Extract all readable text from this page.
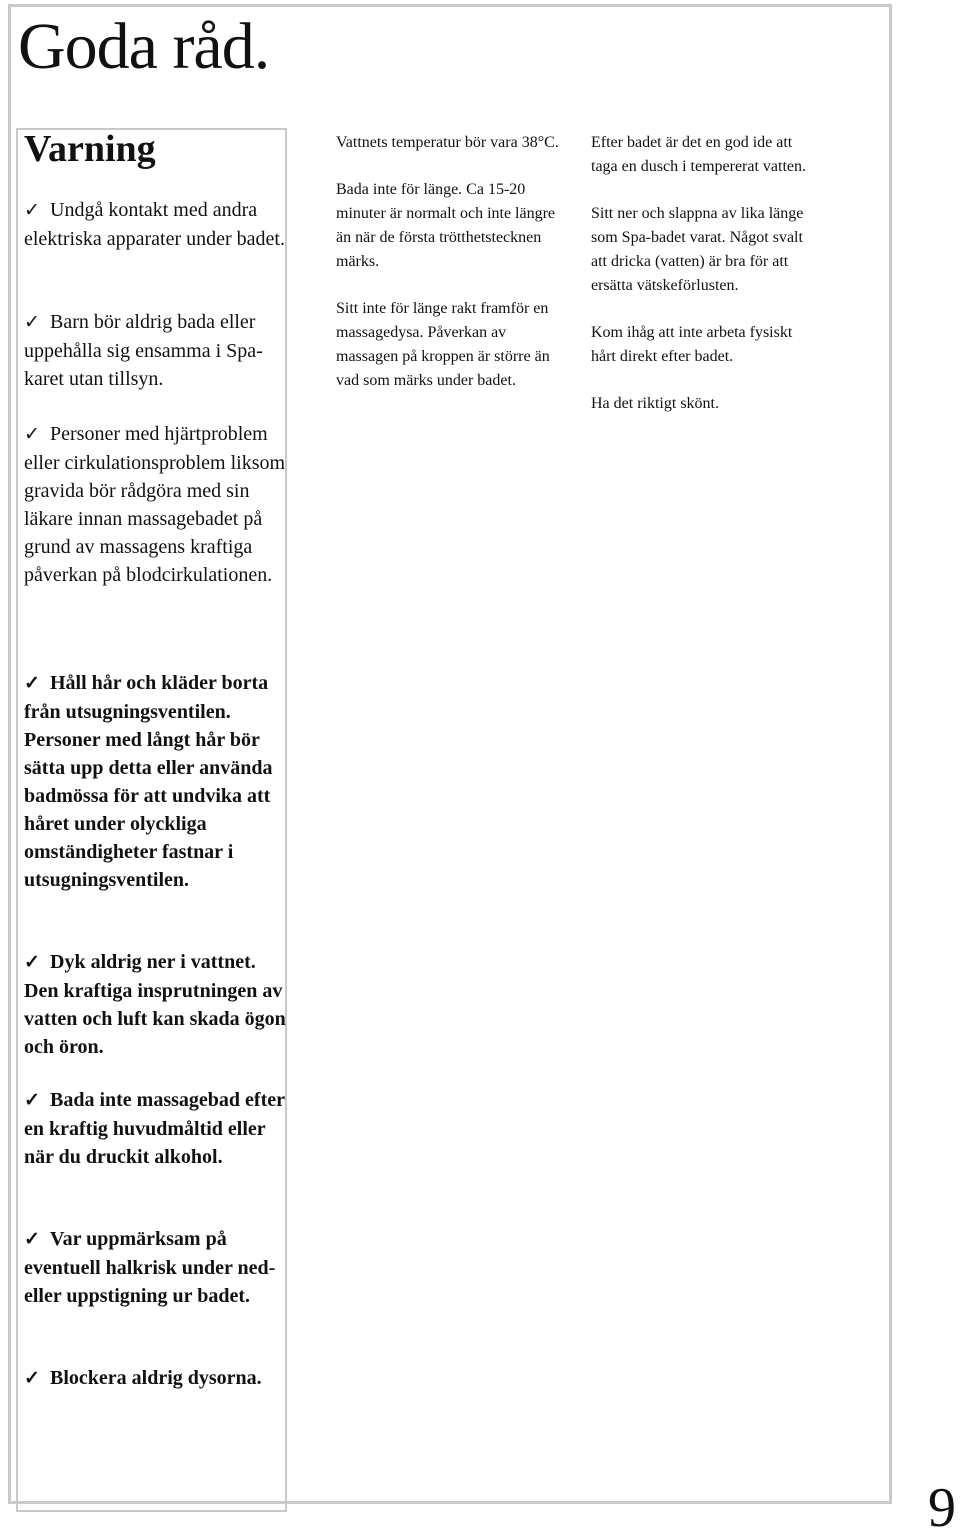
Goda råd.
Varning
✓ Undgå kontakt med andra elektriska apparater under badet.
✓ Barn bör aldrig bada eller uppehålla sig ensamma i Spa-karet utan tillsyn.
✓ Personer med hjärtproblem eller cirkulationsproblem liksom gravida bör rådgöra med sin läkare innan massagebadet på grund av massagens kraftiga påverkan på blodcirkulationen.
✓ Håll hår och kläder borta från utsugningsventilen. Personer med långt hår bör sätta upp detta eller använda badmössa för att undvika att håret under olyckliga omständigheter fastnar i utsugningsventilen.
✓ Dyk aldrig ner i vattnet. Den kraftiga insprutningen av vatten och luft kan skada ögon och öron.
✓ Bada inte massagebad efter en kraftig huvudmåltid eller när du druckit alkohol.
✓ Var uppmärksam på eventuell halkrisk under ned- eller uppstigning ur badet.
✓ Blockera aldrig dysorna.

Vattnets temperatur bör vara 38°C.

Bada inte för länge. Ca 15-20 minuter är normalt och inte längre än när de första trötthetstecknen märks.

Sitt inte för länge rakt framför en massagedysa. Påverkan av massagen på kroppen är större än vad som märks under badet.

Efter badet är det en god ide att taga en dusch i tempererat vatten.

Sitt ner och slappna av lika länge som Spa-badet varat. Något svalt att dricka (vatten) är bra för att ersätta vätskeförlusten.

Kom ihåg att inte arbeta fysiskt hårt direkt efter badet.

Ha det riktigt skönt.

9
